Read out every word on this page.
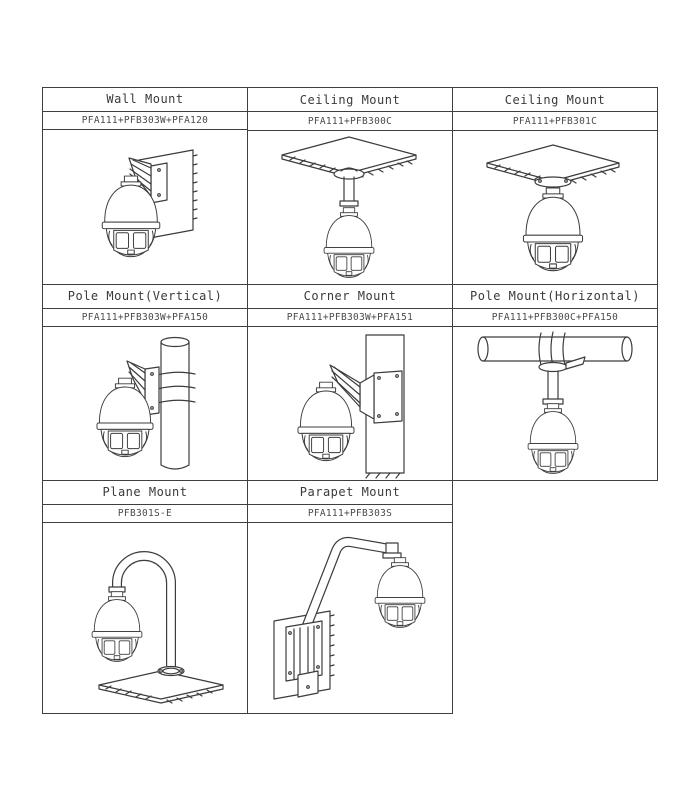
Wall Mount
PFA111+PFB303W+PFA120
Ceiling Mount
PFA111+PFB300C
Ceiling Mount
PFA111+PFB301C
Pole Mount(Vertical)
PFA111+PFB303W+PFA150
Corner Mount
PFA111+PFB303W+PFA151
Pole Mount(Horizontal)
PFA111+PFB300C+PFA150
Plane Mount
PFB301S-E
Parapet Mount
PFA111+PFB303S
